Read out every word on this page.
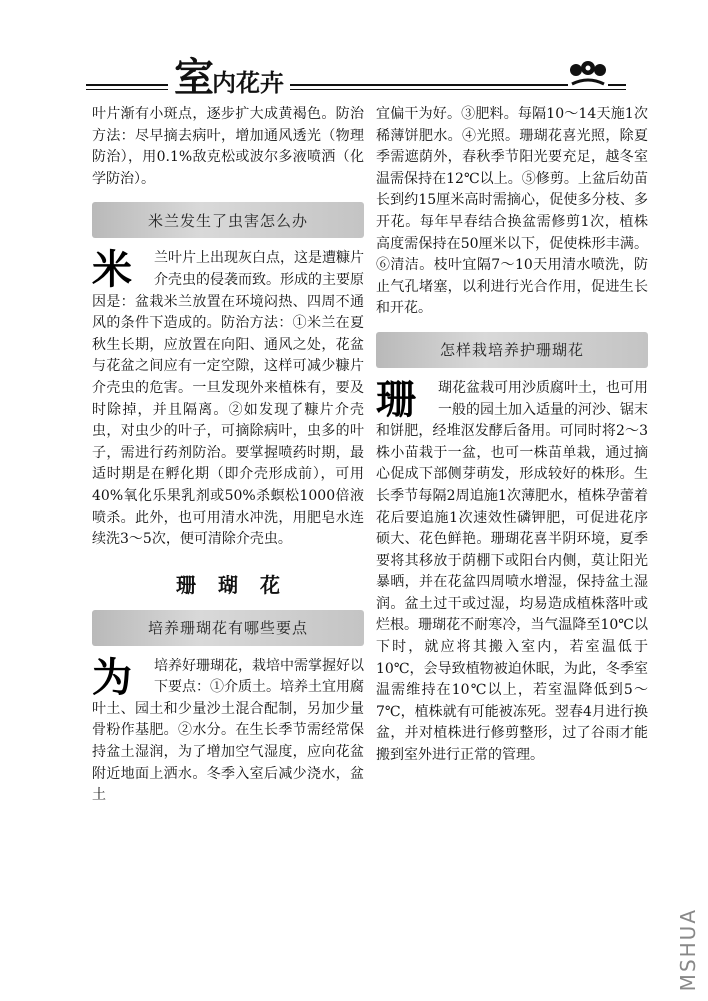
室内花卉

叶片渐有小斑点，逐步扩大成黄褐色。防治方法：尽早摘去病叶，增加通风透光（物理防治），用0.1%敌克松或波尔多液喷洒（化学防治）。

米兰发生了虫害怎么办
米	兰叶片上出现灰白点，这是遭糠片介壳虫的侵袭而致。形成的主要原因是：盆栽米兰放置在环境闷热、四周不通风的条件下造成的。防治方法：①米兰在夏秋生长期，应放置在向阳、通风之处，花盆与花盆之间应有一定空隙，这样可减少糠片介壳虫的危害。一旦发现外来植株有，要及时除掉，并且隔离。②如发现了糠片介壳虫，对虫少的叶子，可摘除病叶，虫多的叶子，需进行药剂防治。要掌握喷药时期，最适时期是在孵化期（即介壳形成前），可用40%氧化乐果乳剂或50%杀螟松1000倍液喷杀。此外，也可用清水冲洗，用肥皂水连续洗3～5次，便可清除介壳虫。

珊瑚花
培养珊瑚花有哪些要点
为	培养好珊瑚花，栽培中需掌握好以下要点：①介质土。培养土宜用腐叶土、园土和少量沙土混合配制，另加少量骨粉作基肥。②水分。在生长季节需经常保持盆土湿润，为了增加空气湿度，应向花盆附近地面上洒水。冬季入室后减少浇水，盆土

宜偏干为好。③肥料。每隔10～14天施1次稀薄饼肥水。④光照。珊瑚花喜光照，除夏季需遮荫外，春秋季节阳光要充足，越冬室温需保持在12℃以上。⑤修剪。上盆后幼苗长到约15厘米高时需摘心，促使多分枝、多开花。每年早春结合换盆需修剪1次，植株高度需保持在50厘米以下，促使株形丰满。⑥清洁。枝叶宜隔7～10天用清水喷洗，防止气孔堵塞，以利进行光合作用，促进生长和开花。

怎样栽培养护珊瑚花
珊	瑚花盆栽可用沙质腐叶土，也可用一般的园土加入适量的河沙、锯末和饼肥，经堆沤发酵后备用。可同时将2～3株小苗栽于一盆，也可一株苗单栽，通过摘心促成下部侧芽萌发，形成较好的株形。生长季节每隔2周追施1次薄肥水，植株孕蕾着花后要追施1次速效性磷钾肥，可促进花序硕大、花色鲜艳。珊瑚花喜半阴环境，夏季要将其移放于荫棚下或阳台内侧，莫让阳光暴晒，并在花盆四周喷水增湿，保持盆土湿润。盆土过干或过湿，均易造成植株落叶或烂根。珊瑚花不耐寒冷，当气温降至10℃以下时，就应将其搬入室内，若室温低于10℃，会导致植物被迫休眠，为此，冬季室温需维持在10℃以上，若室温降低到5～7℃，植株就有可能被冻死。翌春4月进行换盆，并对植株进行修剪整形，过了谷雨才能搬到室外进行正常的管理。

MSHUA
